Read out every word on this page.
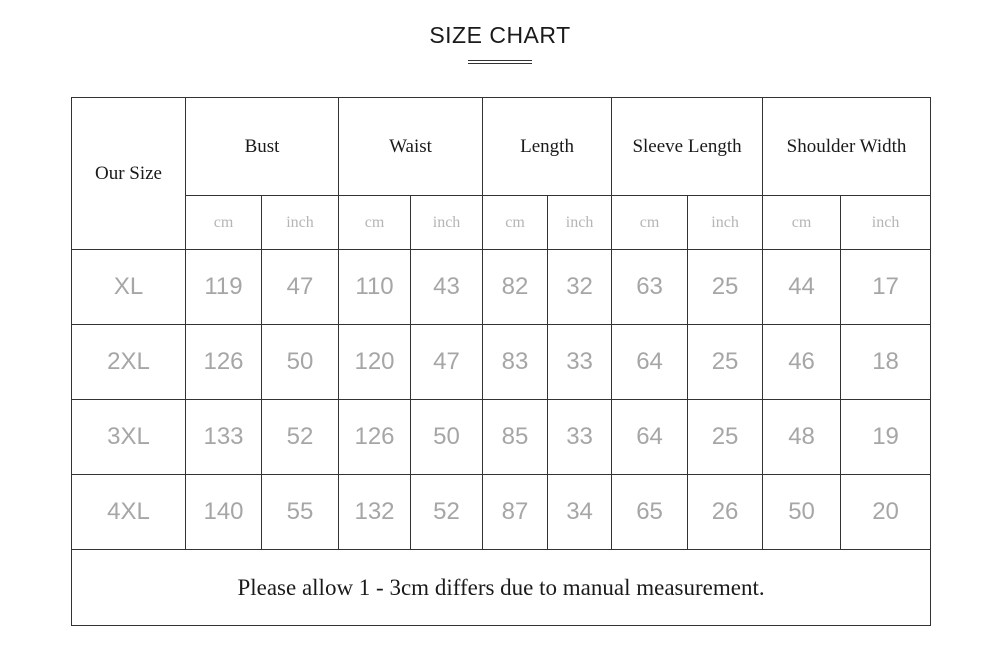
SIZE CHART
Our Size	Bust		Waist		Length		Sleeve Length		Shoulder Width	
	cm	inch	cm	inch	cm	inch	cm	inch	cm	inch
XL	119	47	110	43	82	32	63	25	44	17
2XL	126	50	120	47	83	33	64	25	46	18
3XL	133	52	126	50	85	33	64	25	48	19
4XL	140	55	132	52	87	34	65	26	50	20
Please allow 1 - 3cm differs due to manual measurement.										
